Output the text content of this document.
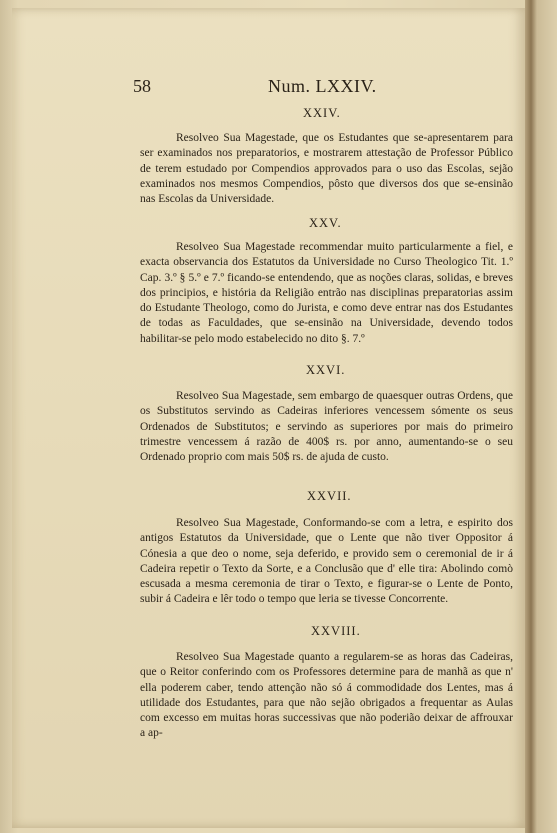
58	Num. LXXIV.
XXIV.

Resolveo Sua Magestade, que os Estudantes que se-apresentarem para ser examinados nos preparatorios, e mostrarem attestação de Professor Público de terem estudado por Compendios approvados para o uso das Escolas, sejão examinados nos mesmos Compendios, pôsto que diversos dos que se-ensinão nas Escolas da Universidade.

XXV.

Resolveo Sua Magestade recommendar muito particularmente a fiel, e exacta observancia dos Estatutos da Universidade no Curso Theologico Tit. 1.º Cap. 3.º § 5.º e 7.º ficando-se entendendo, que as noções claras, solidas, e breves dos principios, e história da Religião entrão nas disciplinas preparatorias assim do Estudante Theologo, como do Jurista, e como deve entrar nas dos Estudantes de todas as Faculdades, que se-ensinão na Universidade, devendo todos habilitar-se pelo modo estabelecido no dito §. 7.º

XXVI.

Resolveo Sua Magestade, sem embargo de quaesquer outras Ordens, que os Substitutos servindo as Cadeiras inferiores vencessem sómente os seus Ordenados de Substitutos; e servindo as superiores por mais do primeiro trimestre vencessem á razão de 400$ rs. por anno, aumentando-se o seu Ordenado proprio com mais 50$ rs. de ajuda de custo.

XXVII.

Resolveo Sua Magestade, Conformando-se com a letra, e espirito dos antigos Estatutos da Universidade, que o Lente que não tiver Oppositor á Cónesia a que deo o nome, seja deferido, e provido sem o ceremonial de ir á Cadeira repetir o Texto da Sorte, e a Conclusão que d' elle tira: Abolindo comò escusada a mesma ceremonia de tirar o Texto, e figurar-se o Lente de Ponto, subir á Cadeira e lêr todo o tempo que leria se tivesse Concorrente.

XXVIII.

Resolveo Sua Magestade quanto a regularem-se as horas das Cadeiras, que o Reitor conferindo com os Professores determine para de manhã as que n' ella poderem caber, tendo attenção não só á commodidade dos Lentes, mas á utilidade dos Estudantes, para que não sejão obrigados a frequentar as Aulas com excesso em muitas horas successivas que não poderião deixar de affrouxar a ap-
